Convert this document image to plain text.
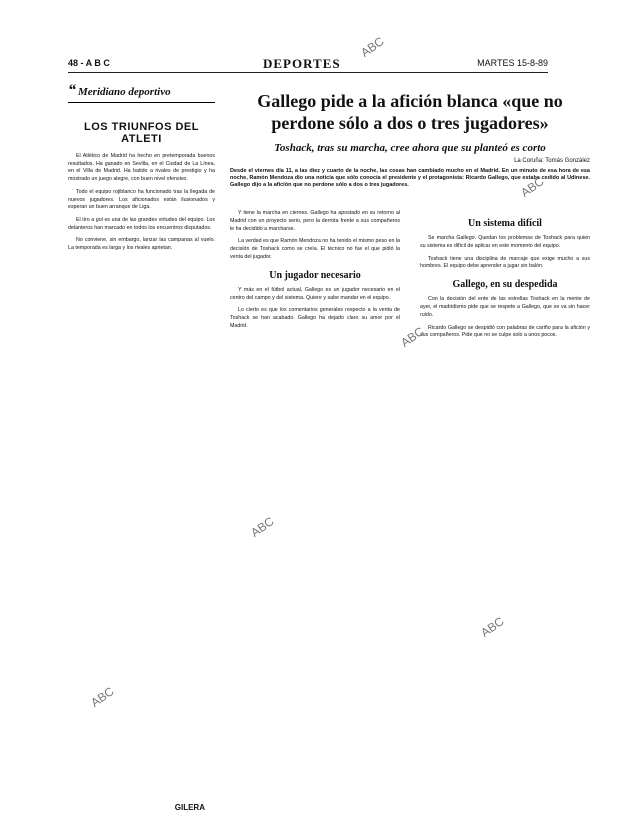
48 - A B C	DEPORTES	MARTES 15-8-89
“ Meridiano deportivo
LOS TRIUNFOS DEL ATLETI

El Atlético de Madrid ha hecho en pretemporada buenos resultados. Ha ganado en Sevilla, en el Ciudad de La Línea, en el Villa de Madrid. Ha batido a rivales de prestigio y ha mostrado un juego alegre, con buen nivel ofensivo.

Todo el equipo rojiblanco ha funcionado tras la llegada de nuevos jugadores. Los aficionados están ilusionados y esperan un buen arranque de Liga.

El tiro a gol es una de las grandes virtudes del equipo. Los delanteros han marcado en todos los encuentros disputados.

No conviene, sin embargo, lanzar las campanas al vuelo. La temporada es larga y los rivales aprietan.

GILERA
Gallego pide a la afición blanca «que no perdone sólo a dos o tres jugadores»
Toshack, tras su marcha, cree ahora que su planteó es corto
La Coruña: Tomás González
Desde el viernes día 11, a las diez y cuarto de la noche, las cosas han cambiado mucho en el Madrid. En un minuto de esa hora de esa noche, Ramón Mendoza dio una noticia que sólo conocía el presidente y el protagonista: Ricardo Gallego, que estaba cedido al Udinese. Gallego dijo a la afición que no perdone sólo a dos o tres jugadores.

Y tiene la marcha en ciernes. Gallego ha apostado en su retorno al Madrid con un proyecto serio, pero la derrota frente a sus compañeros le ha decidido a marcharse.

La verdad es que Ramón Mendoza no ha tenido el mismo peso en la decisión de Toshack como se creía. El técnico no fue el que pidió la venta del jugador.

Un jugador necesario

Y más en el fútbol actual, Gallego es un jugador necesario en el centro del campo y del sistema. Quiere y sabe mandar en el equipo.

Lo cierto es que los comentarios generales respecto a la venta de Toshack se han acabado. Gallego ha dejado claro su amor por el Madrid.

Un sistema difícil

Se marcha Gallego. Quedan los problemas de Toshack para quien su sistema es difícil de aplicar en este momento del equipo.

Toshack tiene una disciplina de marcaje que exige mucho a sus hombres. El equipo debe aprender a jugar sin balón.

Gallego, en su despedida

Con la decisión del ente de las estrellas Toshack en la mente de ayer, el madridismo pide que se respete a Gallego, que se va sin hacer ruido.

Ricardo Gallego se despidió con palabras de cariño para la afición y sus compañeros. Pide que no se culpe solo a unos pocos.

ABC
ABC
ABC
ABC
ABC
ABC
